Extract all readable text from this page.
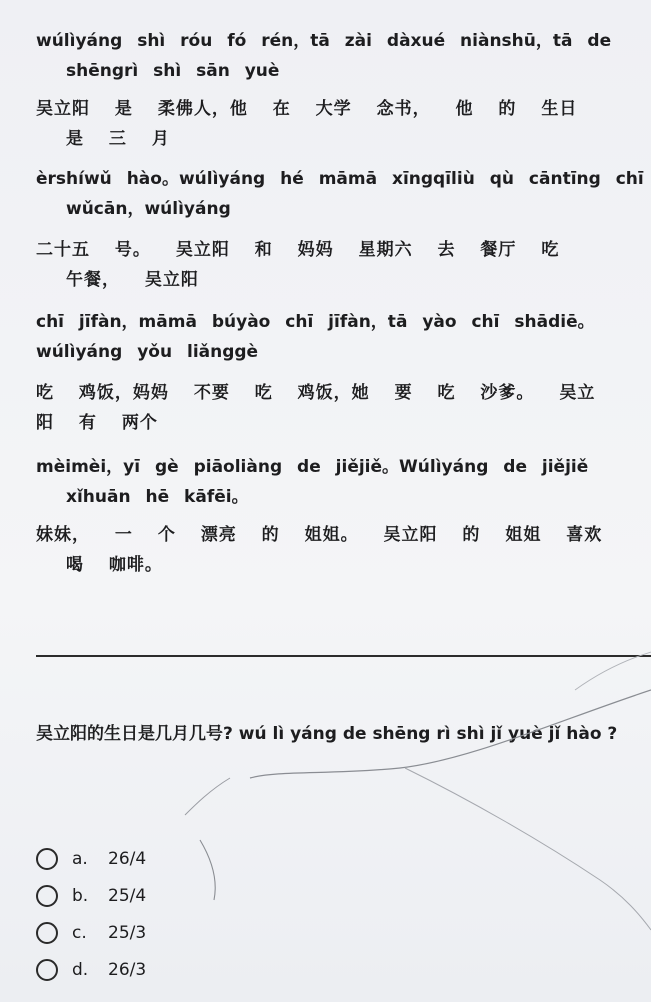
wúlìyáng shì róu fó rén，tā zài dàxué niànshū，tā de
shēngrì shì sān yuè
吴立阳 是 柔佛人，他 在 大学 念书， 他 的 生日
是 三 月
èrshíwǔ hào。wúlìyáng hé māmā xīngqīliù qù cāntīng chī
wǔcān，wúlìyáng
二十五 号。 吴立阳 和 妈妈 星期六 去 餐厅 吃
午餐， 吴立阳
chī jīfàn，māmā búyào chī jīfàn，tā yào chī shādiē。
wúlìyáng yǒu liǎnggè
吃 鸡饭，妈妈 不要 吃 鸡饭，她 要 吃 沙爹。 吴立
阳 有 两个
mèimèi，yī gè piāoliàng de jiějiě。Wúlìyáng de jiějiě
xǐhuān hē kāfēi。
妹妹， 一 个 漂亮 的 姐姐。 吴立阳 的 姐姐 喜欢
喝 咖啡。
吴立阳的生日是几月几号? wú lì yáng de shēng rì shì jǐ yuè jǐ hào ?
a.	26/4
b.	25/4
c.	25/3
d.	26/3
